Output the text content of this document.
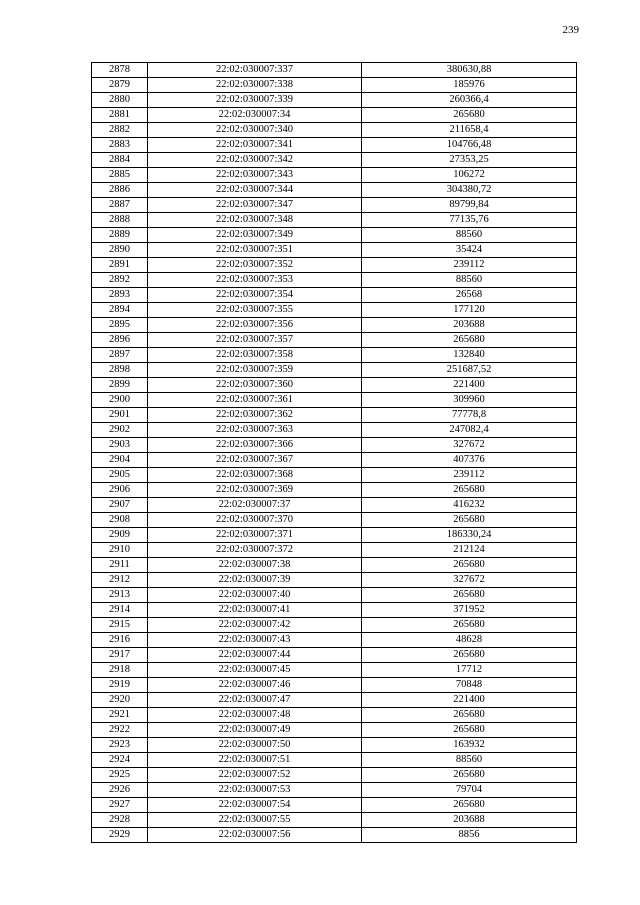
239
2878	22:02:030007:337	380630,88
2879	22:02:030007:338	185976
2880	22:02:030007:339	260366,4
2881	22:02:030007:34	265680
2882	22:02:030007:340	211658,4
2883	22:02:030007:341	104766,48
2884	22:02:030007:342	27353,25
2885	22:02:030007:343	106272
2886	22:02:030007:344	304380,72
2887	22:02:030007:347	89799,84
2888	22:02:030007:348	77135,76
2889	22:02:030007:349	88560
2890	22:02:030007:351	35424
2891	22:02:030007:352	239112
2892	22:02:030007:353	88560
2893	22:02:030007:354	26568
2894	22:02:030007:355	177120
2895	22:02:030007:356	203688
2896	22:02:030007:357	265680
2897	22:02:030007:358	132840
2898	22:02:030007:359	251687,52
2899	22:02:030007:360	221400
2900	22:02:030007:361	309960
2901	22:02:030007:362	77778,8
2902	22:02:030007:363	247082,4
2903	22:02:030007:366	327672
2904	22:02:030007:367	407376
2905	22:02:030007:368	239112
2906	22:02:030007:369	265680
2907	22:02:030007:37	416232
2908	22:02:030007:370	265680
2909	22:02:030007:371	186330,24
2910	22:02:030007:372	212124
2911	22:02:030007:38	265680
2912	22:02:030007:39	327672
2913	22:02:030007:40	265680
2914	22:02:030007:41	371952
2915	22:02:030007:42	265680
2916	22:02:030007:43	48628
2917	22:02:030007:44	265680
2918	22:02:030007:45	17712
2919	22:02:030007:46	70848
2920	22:02:030007:47	221400
2921	22:02:030007:48	265680
2922	22:02:030007:49	265680
2923	22:02:030007:50	163932
2924	22:02:030007:51	88560
2925	22:02:030007:52	265680
2926	22:02:030007:53	79704
2927	22:02:030007:54	265680
2928	22:02:030007:55	203688
2929	22:02:030007:56	8856
